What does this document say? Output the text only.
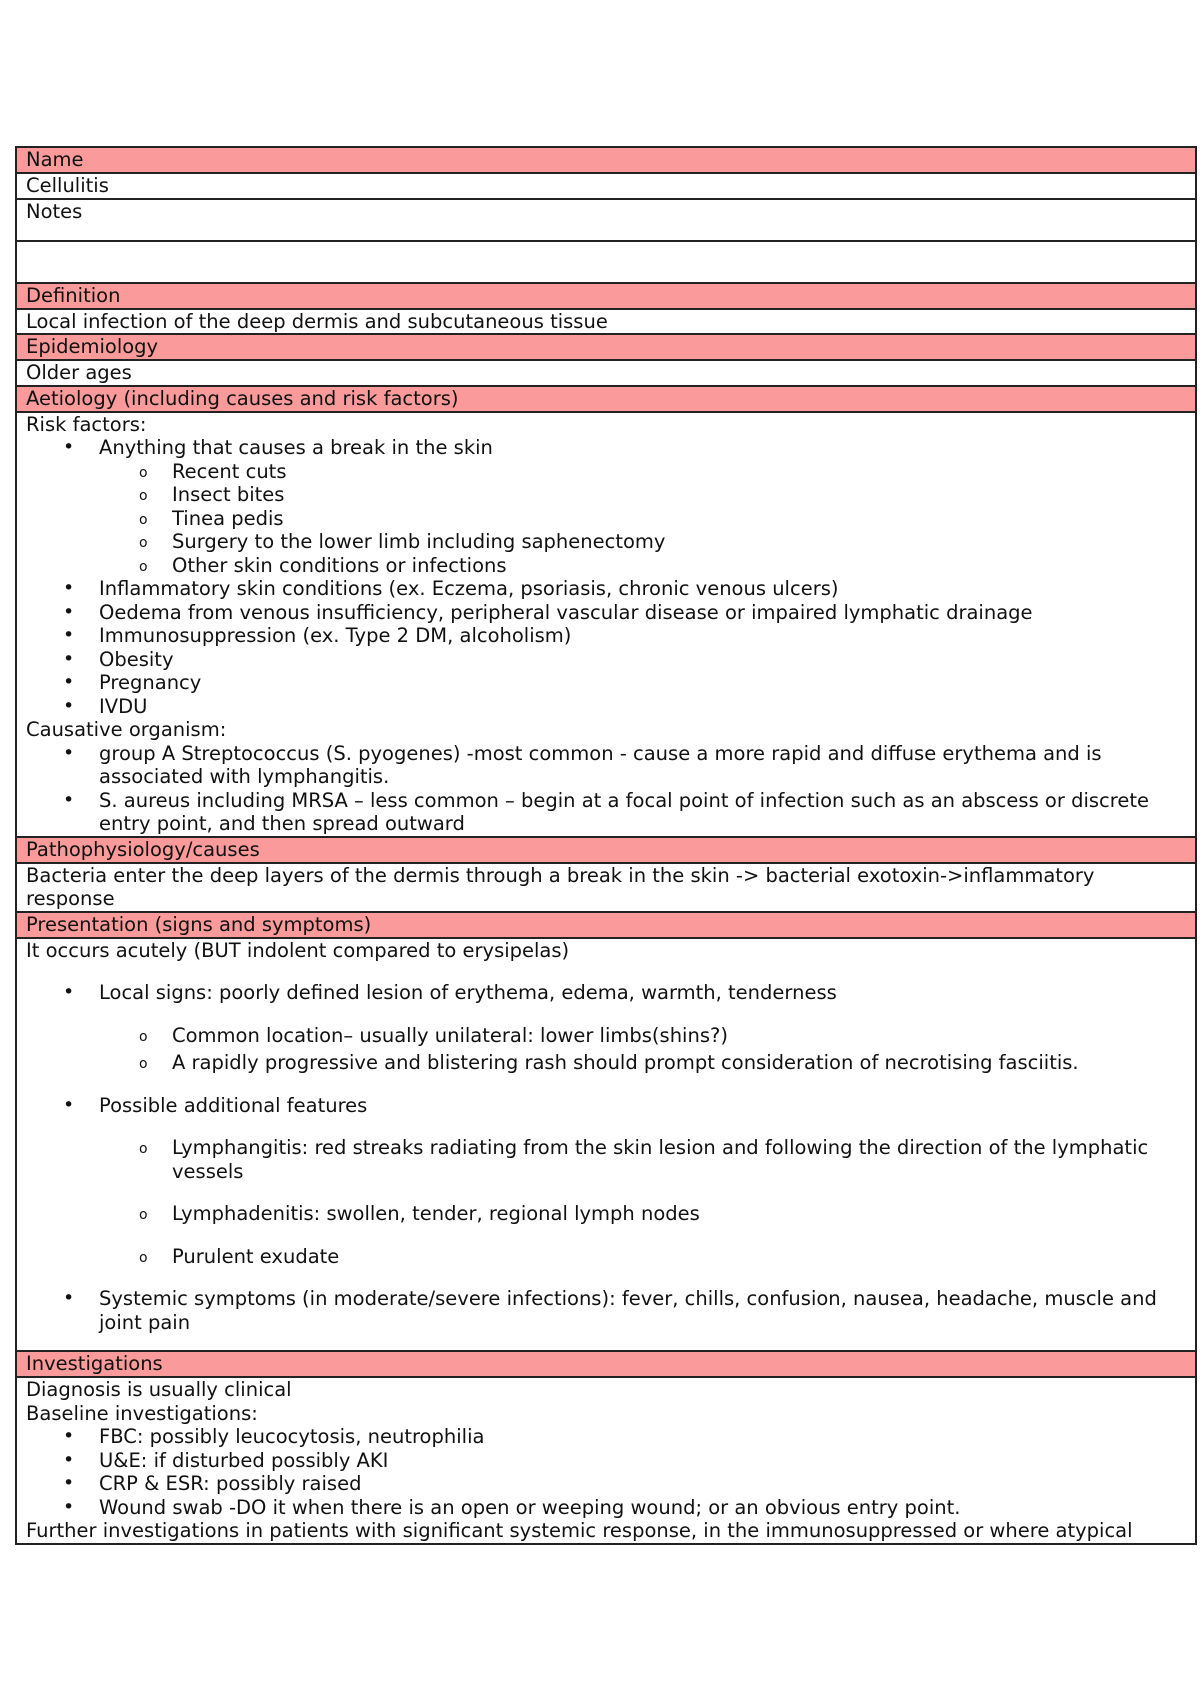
Name
Cellulitis
Notes
Definition
Local infection of the deep dermis and subcutaneous tissue
Epidemiology
Older ages
Aetiology (including causes and risk factors)

Risk factors:

• Anything that causes a break in the skin
o Recent cuts
o Insect bites
o Tinea pedis
o Surgery to the lower limb including saphenectomy
o Other skin conditions or infections
• Inflammatory skin conditions (ex. Eczema, psoriasis, chronic venous ulcers)
• Oedema from venous insufficiency, peripheral vascular disease or impaired lymphatic drainage
• Immunosuppression (ex. Type 2 DM, alcoholism)
• Obesity
• Pregnancy
• IVDU

Causative organism:

• group A Streptococcus (S. pyogenes) -most common - cause a more rapid and diffuse erythema and is associated with lymphangitis.
• S. aureus including MRSA – less common – begin at a focal point of infection such as an abscess or discrete entry point, and then spread outward
Pathophysiology/causes
Bacteria enter the deep layers of the dermis through a break in the skin -> bacterial exotoxin->inflammatory response
Presentation (signs and symptoms)

It occurs acutely (BUT indolent compared to erysipelas)

• Local signs: poorly defined lesion of erythema, edema, warmth, tenderness
o Common location– usually unilateral: lower limbs(shins?)
o A rapidly progressive and blistering rash should prompt consideration of necrotising fasciitis.
• Possible additional features
o Lymphangitis: red streaks radiating from the skin lesion and following the direction of the lymphatic vessels
o Lymphadenitis: swollen, tender, regional lymph nodes
o Purulent exudate
• Systemic symptoms (in moderate/severe infections): fever, chills, confusion, nausea, headache, muscle and joint pain
Investigations

Diagnosis is usually clinical

Baseline investigations:

• FBC: possibly leucocytosis, neutrophilia
• U&E: if disturbed possibly AKI
• CRP & ESR: possibly raised
• Wound swab -DO it when there is an open or weeping wound; or an obvious entry point.

Further investigations in patients with significant systemic response, in the immunosuppressed or where atypical
